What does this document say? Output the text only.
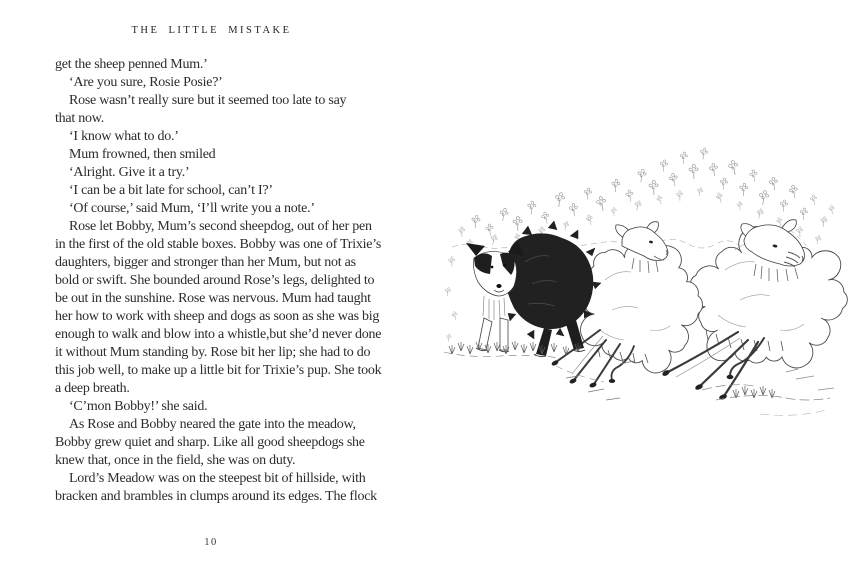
THE LITTLE MISTAKE
get the sheep penned Mum.’
‘Are you sure, Rosie Posie?’
Rose wasn’t really sure but it seemed too late to say
that now.
‘I know what to do.’
Mum frowned, then smiled
‘Alright. Give it a try.’
‘I can be a bit late for school, can’t I?’
‘Of course,’ said Mum, ‘I’ll write you a note.’
Rose let Bobby, Mum’s second sheepdog, out of her pen
in the first of the old stable boxes. Bobby was one of Trixie’s
daughters, bigger and stronger than her Mum, but not as
bold or swift. She bounded around Rose’s legs, delighted to
be out in the sunshine. Rose was nervous. Mum had taught
her how to work with sheep and dogs as soon as she was big
enough to walk and blow into a whistle,but she’d never done
it without Mum standing by. Rose bit her lip; she had to do
this job well, to make up a little bit for Trixie’s pup. She took
a deep breath.
‘C’mon Bobby!’ she said.
As Rose and Bobby neared the gate into the meadow,
Bobby grew quiet and sharp. Like all good sheepdogs she
knew that, once in the field, she was on duty.
Lord’s Meadow was on the steepest bit of hillside, with
bracken and brambles in clumps around its edges. The flock
10
